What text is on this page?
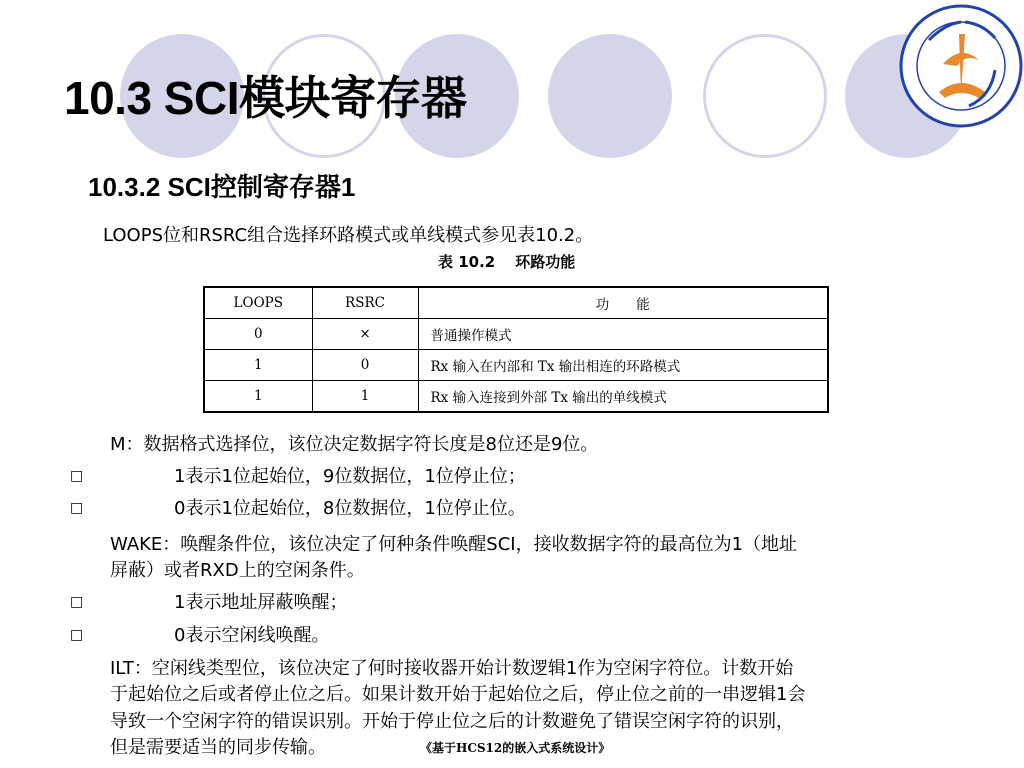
10.3 SCI模块寄存器
10.3.2 SCI控制寄存器1
LOOPS位和RSRC组合选择环路模式或单线模式参见表10.2。
表 10.2 环路功能
LOOPS	RSRC	功　　能
0	×	普通操作模式
1	0	Rx 输入在内部和 Tx 输出相连的环路模式
1	1	Rx 输入连接到外部 Tx 输出的单线模式
M：数据格式选择位，该位决定数据字符长度是8位还是9位。
□	1表示1位起始位，9位数据位，1位停止位；
□	0表示1位起始位，8位数据位，1位停止位。
WAKE：唤醒条件位，该位决定了何种条件唤醒SCI，接收数据字符的最高位为1（地址
屏蔽）或者RXD上的空闲条件。
□	1表示地址屏蔽唤醒；
□	0表示空闲线唤醒。
ILT：空闲线类型位，该位决定了何时接收器开始计数逻辑1作为空闲字符位。计数开始
于起始位之后或者停止位之后。如果计数开始于起始位之后，停止位之前的一串逻辑1会
导致一个空闲字符的错误识别。开始于停止位之后的计数避免了错误空闲字符的识别，
但是需要适当的同步传输。	《基于HCS12的嵌入式系统设计》
